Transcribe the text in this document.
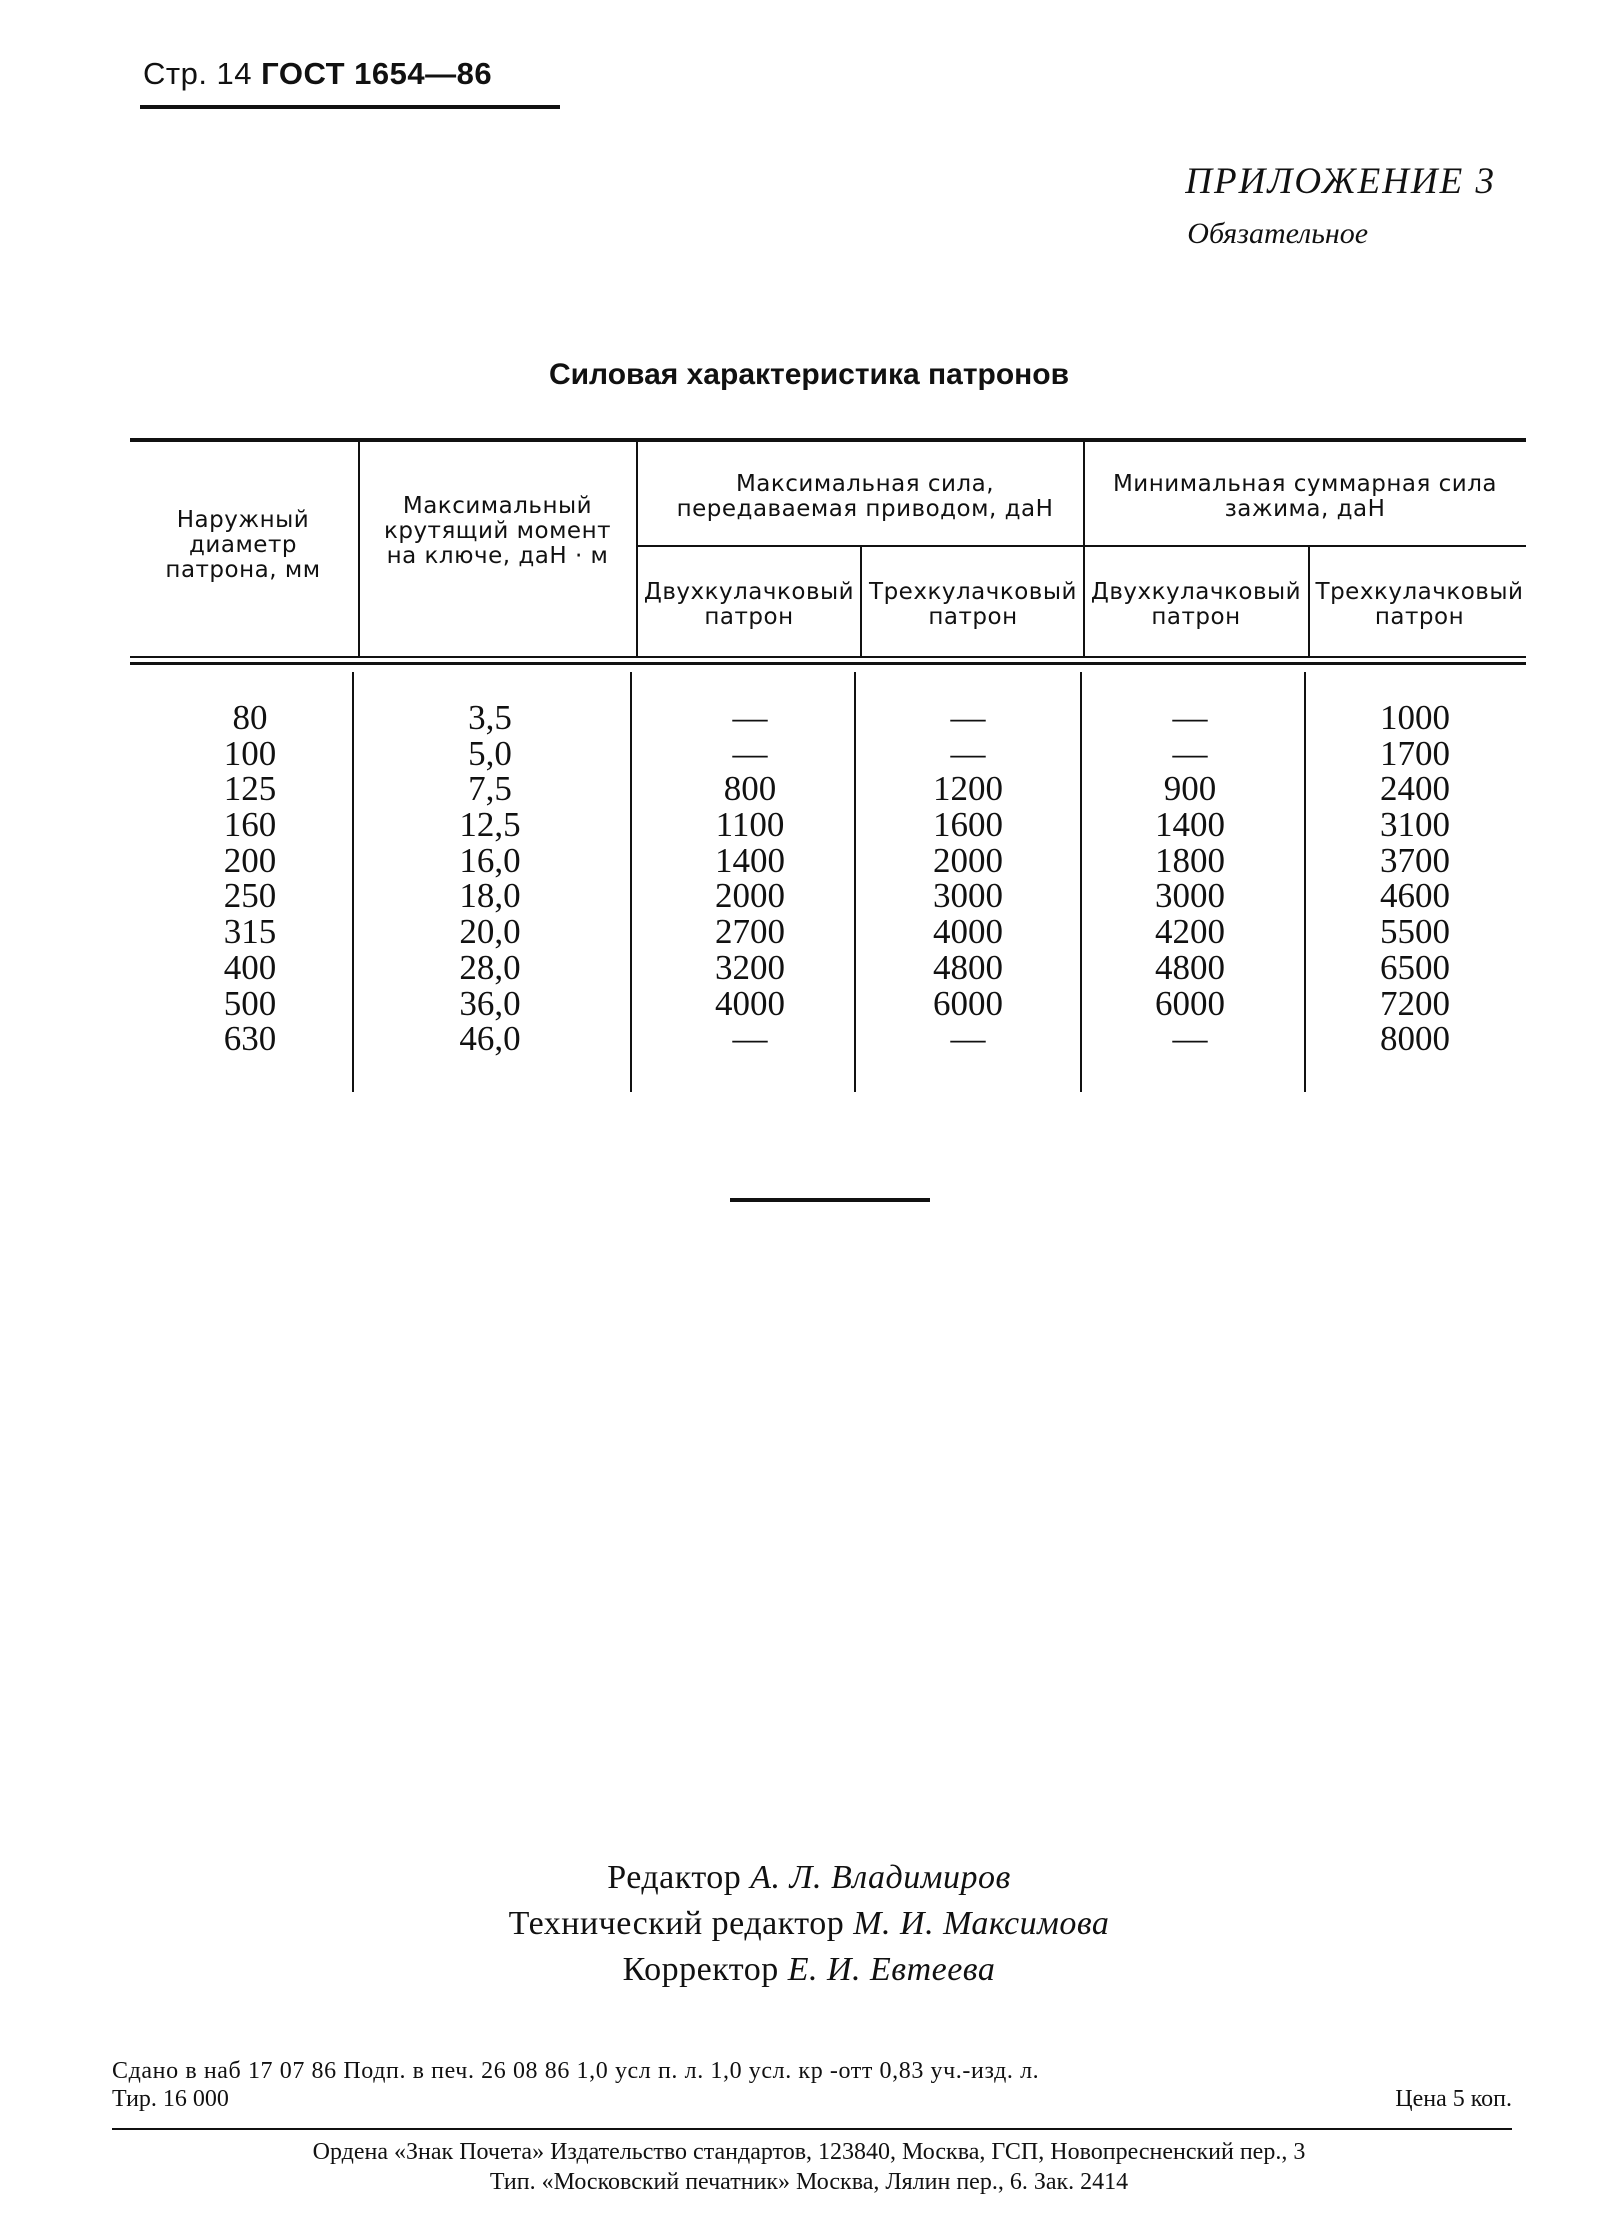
Стр. 14 ГОСТ 1654—86
ПРИЛОЖЕНИЕ 3
Обязательное
Силовая характеристика патронов
Наружный диаметр патрона, мм
Максимальный крутящий момент на ключе, даН · м
Максимальная сила, передаваемая приводом, даН
Минимальная суммарная сила зажима, даН
Двухкулачковый патрон
Трехкулачковый патрон
Двухкулачковый патрон
Трехкулачковый патрон
80
100
125
160
200
250
315
400
500
630
3,5
5,0
7,5
12,5
16,0
18,0
20,0
28,0
36,0
46,0
—
—
800
1100
1400
2000
2700
3200
4000
—
—
—
1200
1600
2000
3000
4000
4800
6000
—
—
—
900
1400
1800
3000
4200
4800
6000
—
1000
1700
2400
3100
3700
4600
5500
6500
7200
8000
Редактор А. Л. Владимиров
Технический редактор М. И. Максимова
Корректор Е. И. Евтеева
Сдано в наб 17 07 86 Подп. в печ. 26 08 86 1,0 усл п. л. 1,0 усл. кр -отт 0,83 уч.-изд. л.
Тир. 16 000	Цена 5 коп.
Ордена «Знак Почета» Издательство стандартов, 123840, Москва, ГСП, Новопресненский пер., 3
Тип. «Московский печатник» Москва, Лялин пер., 6. Зак. 2414
